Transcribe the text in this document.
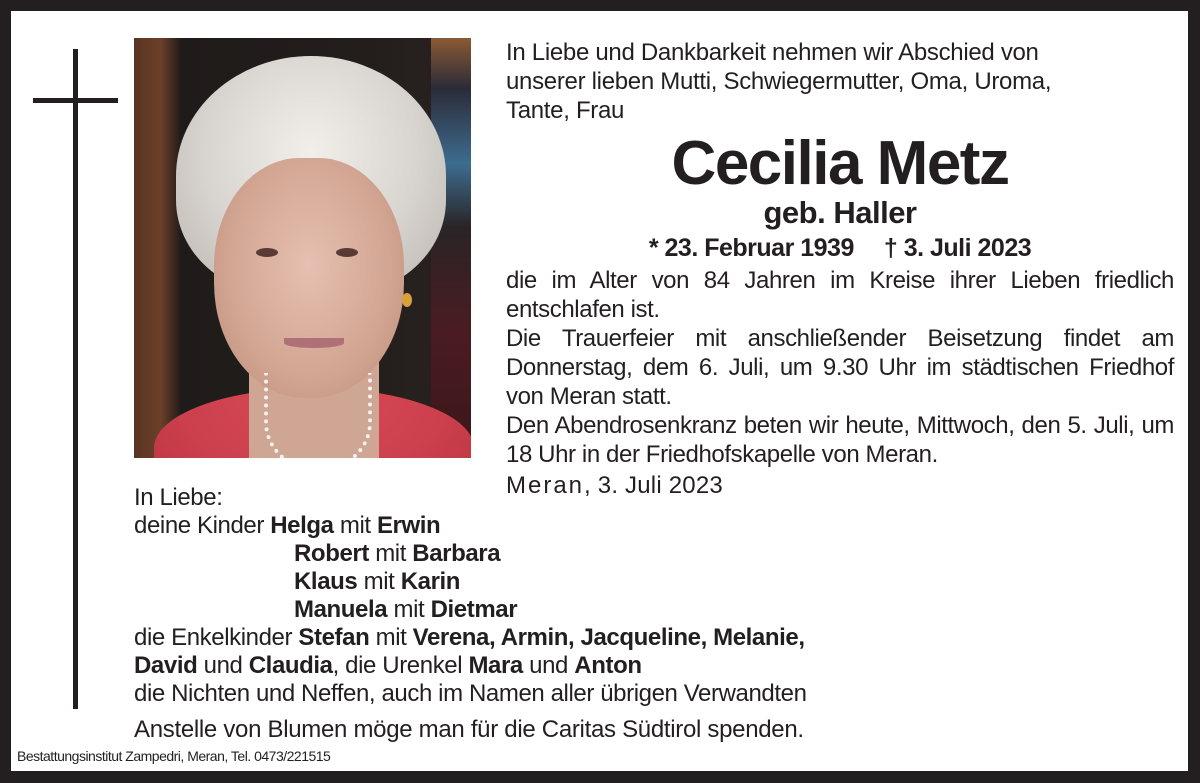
In Liebe und Dankbarkeit nehmen wir Abschied von
unserer lieben Mutti, Schwiegermutter, Oma, Uroma,
Tante, Frau
Cecilia Metz
geb. Haller
* 23. Februar 1939 † 3. Juli 2023

die im Alter von 84 Jahren im Kreise ihrer Lieben friedlich entschlafen ist.

Die Trauerfeier mit anschließender Beisetzung findet am Donnerstag, dem 6. Juli, um 9.30 Uhr im städtischen Friedhof von Meran statt.

Den Abendrosenkranz beten wir heute, Mittwoch, den 5. Juli, um 18 Uhr in der Friedhofskapelle von Meran.

Meran, 3. Juli 2023
In Liebe:
deine Kinder Helga mit Erwin
Robert mit Barbara
Klaus mit Karin
Manuela mit Dietmar
die Enkelkinder Stefan mit Verena, Armin, Jacqueline, Melanie,
David und Claudia, die Urenkel Mara und Anton
die Nichten und Neffen, auch im Namen aller übrigen Verwandten
Anstelle von Blumen möge man für die Caritas Südtirol spenden.
Bestattungsinstitut Zampedri, Meran, Tel. 0473/221515
